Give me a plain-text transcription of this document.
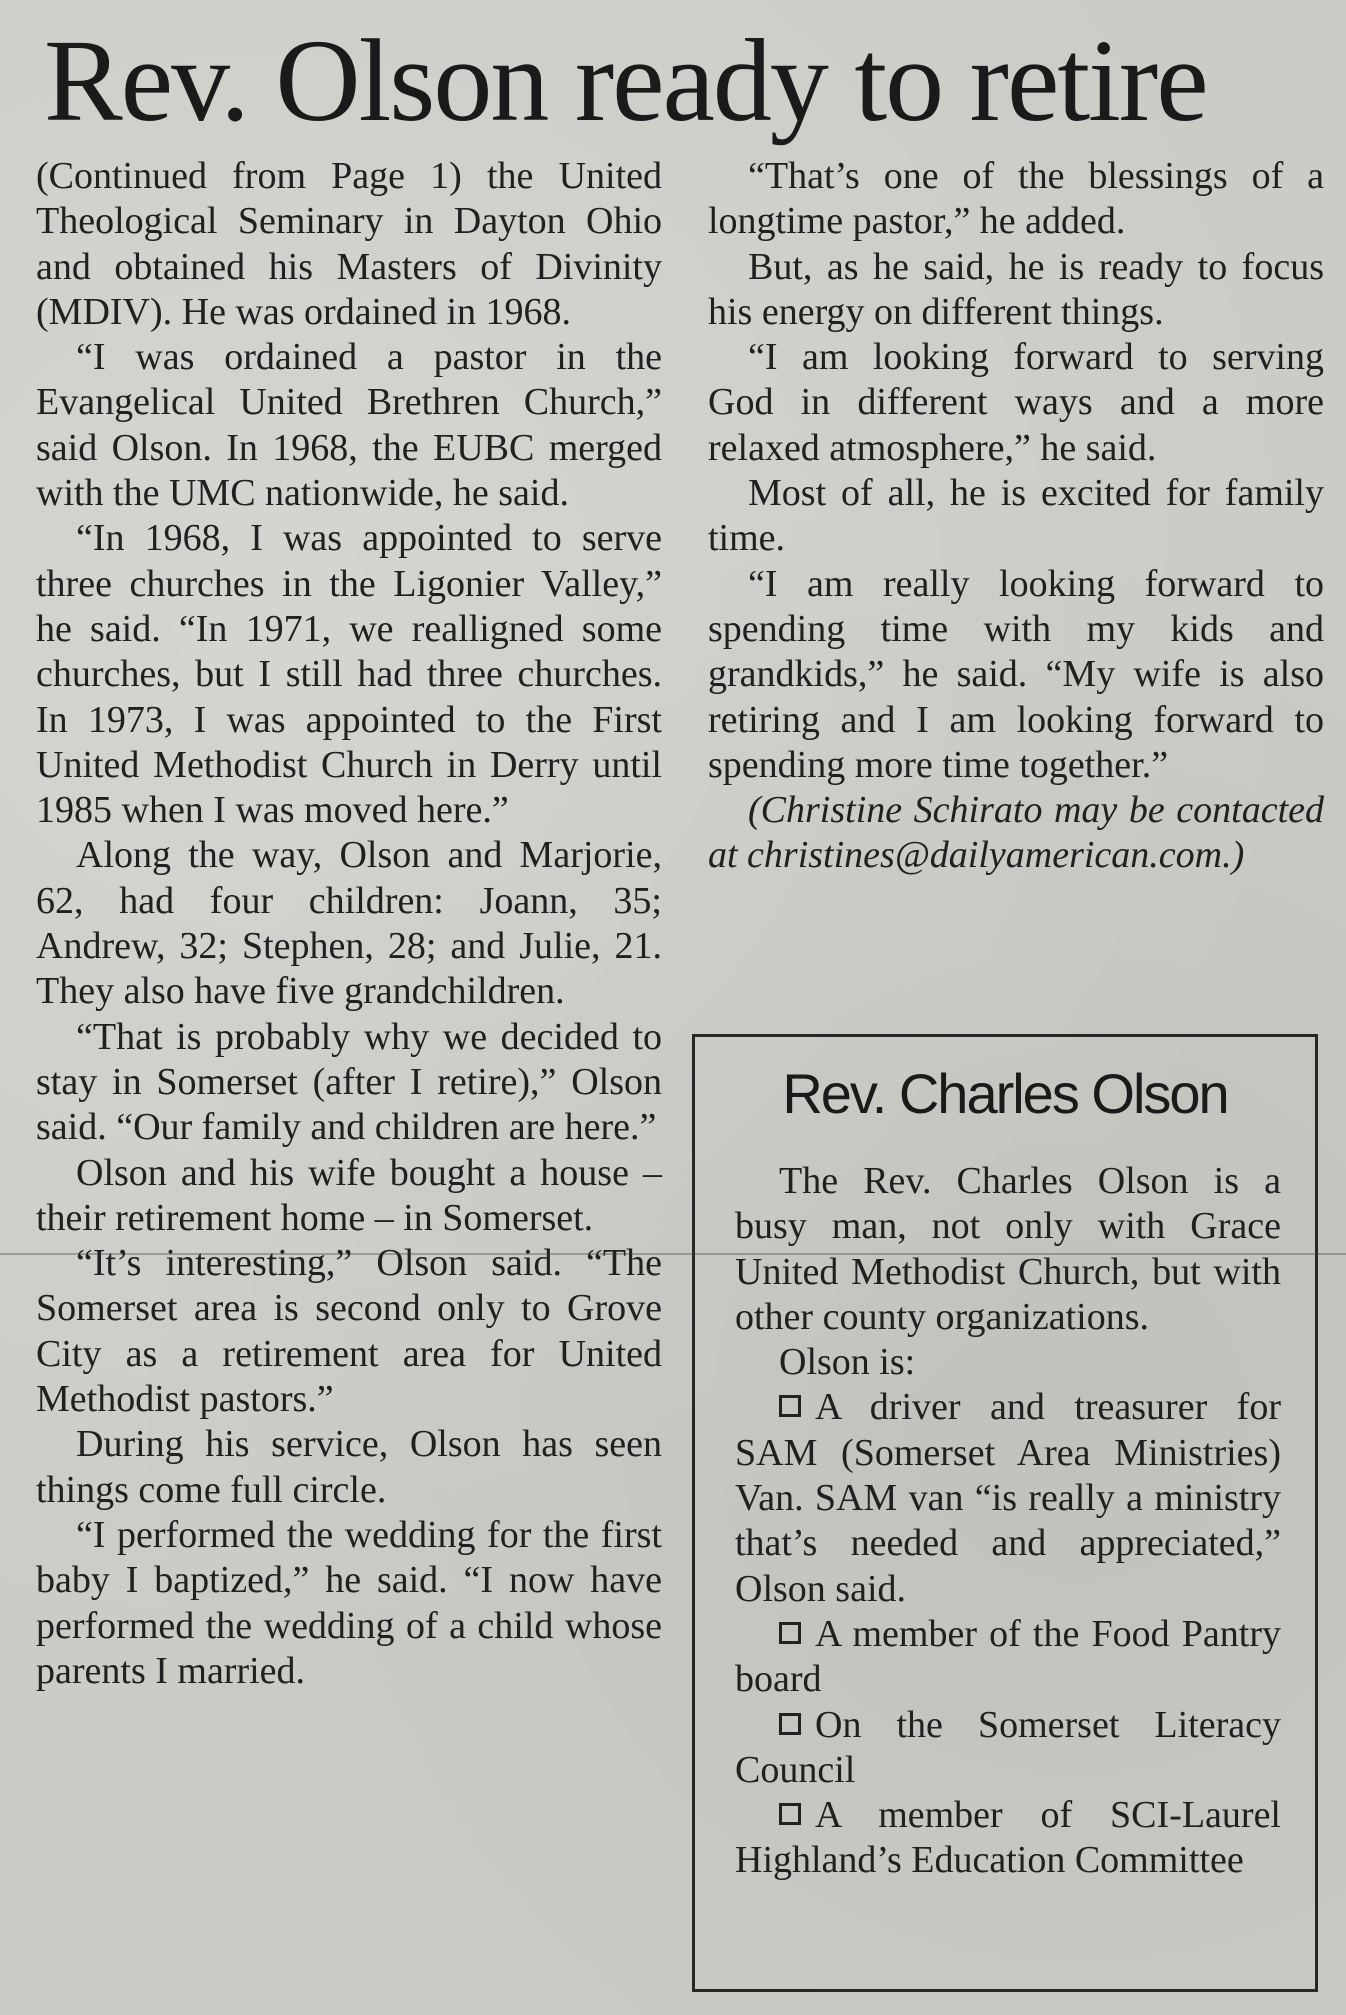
Rev. Olson ready to retire

(Continued from Page 1) the United Theological Seminary in Dayton Ohio and obtained his Masters of Divinity (MDIV). He was ordained in 1968.

“I was ordained a pastor in the Evangelical United Brethren Church,” said Olson. In 1968, the EUBC merged with the UMC nationwide, he said.

“In 1968, I was appointed to serve three churches in the Ligonier Valley,” he said. “In 1971, we realligned some churches, but I still had three churches. In 1973, I was appointed to the First United Methodist Church in Derry until 1985 when I was moved here.”

Along the way, Olson and Marjorie, 62, had four children: Joann, 35; Andrew, 32; Stephen, 28; and Julie, 21. They also have five grandchildren.

“That is probably why we decided to stay in Somerset (after I retire),” Olson said. “Our family and children are here.”

Olson and his wife bought a house – their retirement home – in Somerset.

“It’s interesting,” Olson said. “The Somerset area is second only to Grove City as a retirement area for United Methodist pastors.”

During his service, Olson has seen things come full circle.

“I performed the wedding for the first baby I baptized,” he said. “I now have performed the wedding of a child whose parents I married.

“That’s one of the blessings of a longtime pastor,” he added.

But, as he said, he is ready to focus his energy on different things.

“I am looking forward to serving God in different ways and a more relaxed atmosphere,” he said.

Most of all, he is excited for family time.

“I am really looking forward to spending time with my kids and grandkids,” he said. “My wife is also retiring and I am looking forward to spending more time together.”

(Christine Schirato may be contacted at christines@dailyamerican.com.)

Rev. Charles Olson

The Rev. Charles Olson is a busy man, not only with Grace United Methodist Church, but with other county organizations.

Olson is:

A driver and treasurer for SAM (Somerset Area Ministries) Van. SAM van “is really a ministry that’s needed and appreciated,” Olson said.

A member of the Food Pantry board

On the Somerset Literacy Council

A member of SCI-Laurel Highland’s Education Committee
